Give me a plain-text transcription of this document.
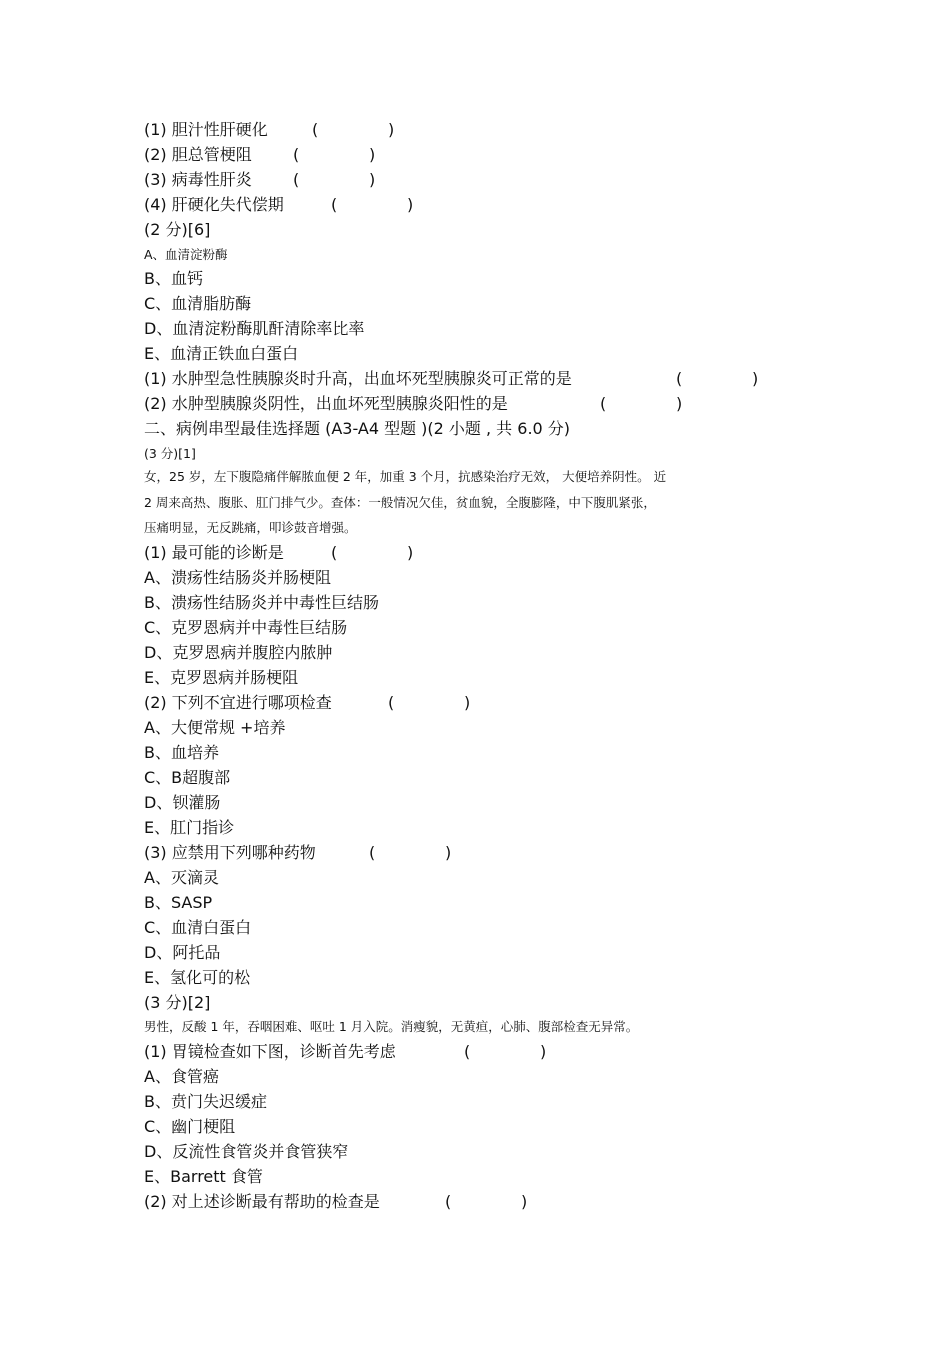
(1) 胆汁性肝硬化	(	)
(2) 胆总管梗阻	(	)
(3) 病毒性肝炎	(	)
(4) 肝硬化失代偿期	(	)
(2 分)[6]
A、血清淀粉酶
B、血钙
C、血清脂肪酶
D、血清淀粉酶肌酐清除率比率
E、血清正铁血白蛋白
(1) 水肿型急性胰腺炎时升高，出血坏死型胰腺炎可正常的是	(	)
(2) 水肿型胰腺炎阴性，出血坏死型胰腺炎阳性的是	(	)
二、病例串型最佳选择题 (A3-A4 型题 )(2 小题 , 共 6.0 分)
(3 分)[1]
女，25 岁，左下腹隐痛伴解脓血便 2 年，加重 3 个月，抗感染治疗无效， 大便培养阴性。 近
2 周来高热、腹胀、肛门排气少。查体：一般情况欠佳，贫血貌，全腹膨隆，中下腹肌紧张，
压痛明显，无反跳痛，叩诊鼓音增强。
(1) 最可能的诊断是	(	)
A、溃疡性结肠炎并肠梗阻
B、溃疡性结肠炎并中毒性巨结肠
C、克罗恩病并中毒性巨结肠
D、克罗恩病并腹腔内脓肿
E、克罗恩病并肠梗阻
(2) 下列不宜进行哪项检查	(	)
A、大便常规 +培养
B、血培养
C、B超腹部
D、钡灌肠
E、肛门指诊
(3) 应禁用下列哪种药物	(	)
A、灭滴灵
B、SASP
C、血清白蛋白
D、阿托品
E、氢化可的松
(3 分)[2]
男性，反酸 1 年，吞咽困难、呕吐 1 月入院。消瘦貌，无黄疸，心肺、腹部检查无异常。
(1) 胃镜检查如下图，诊断首先考虑	(	)
A、食管癌
B、贲门失迟缓症
C、幽门梗阻
D、反流性食管炎并食管狭窄
E、Barrett 食管
(2) 对上述诊断最有帮助的检查是	(	)
